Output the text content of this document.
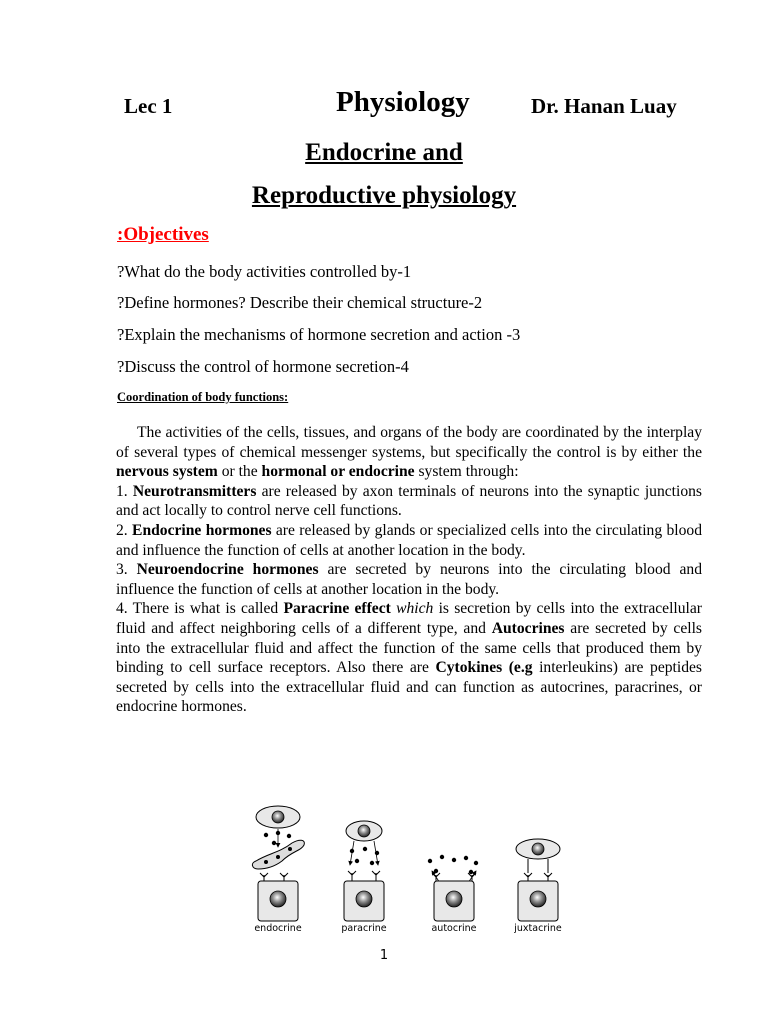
Lec 1	Physiology	Dr. Hanan Luay
Endocrine and
Reproductive physiology
:Objectives
?What do the body activities controlled by-1
?Define hormones? Describe their chemical structure-2
?Explain the mechanisms of hormone secretion and action -3
?Discuss the control of hormone secretion-4
Coordination of body functions:

The activities of the cells, tissues, and organs of the body are coordinated by the interplay of several types of chemical messenger systems, but specifically the control is by either the nervous system or the hormonal or endocrine system through:

1. Neurotransmitters are released by axon terminals of neurons into the synaptic junctions and act locally to control nerve cell functions.

2. Endocrine hormones are released by glands or specialized cells into the circulating blood and influence the function of cells at another location in the body.

3. Neuroendocrine hormones are secreted by neurons into the circulating blood and influence the function of cells at another location in the body.

4. There is what is called Paracrine effect which is secretion by cells into the extracellular fluid and affect neighboring cells of a different type, and Autocrines are secreted by cells into the extracellular fluid and affect the function of the same cells that produced them by binding to cell surface receptors. Also there are Cytokines (e.g interleukins) are peptides secreted by cells into the extracellular fluid and can function as autocrines, paracrines, or endocrine hormones.

endocrine	paracrine	autocrine	juxtacrine
1
